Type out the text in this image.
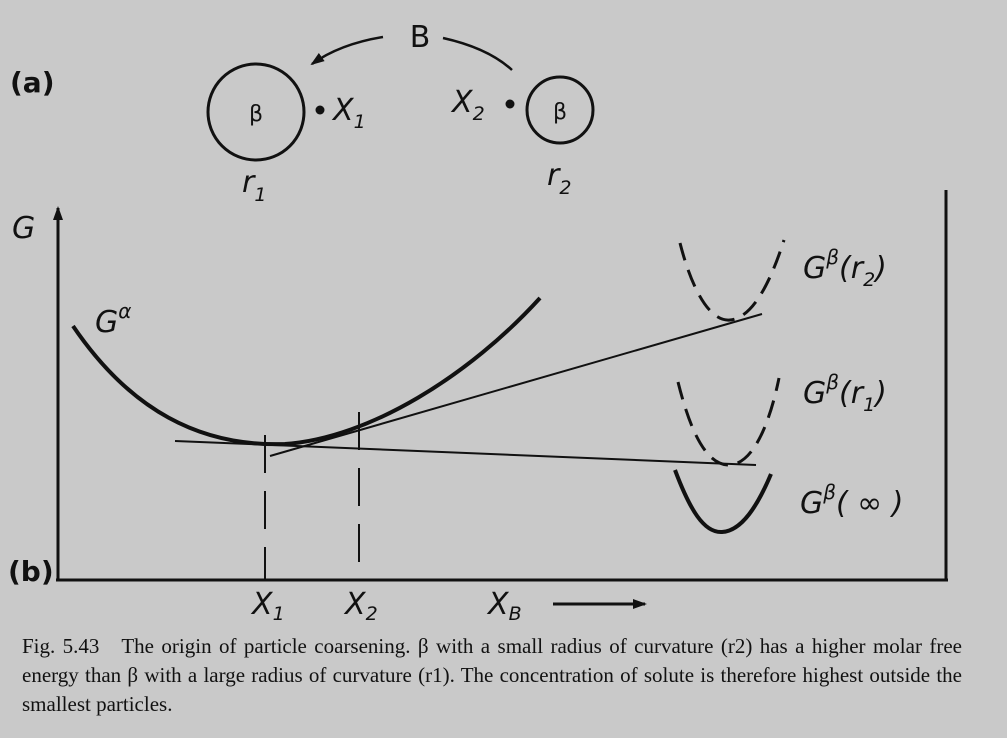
(a)
β	β
$X_1$
$X_2$
$r_1$
$r_2$
B
(b)
G
$X_B$
$G^\alpha$
$X_1$ $X_2$
$G^\beta(r_2)$
$G^\beta(r_1)$
$G^\beta$( ∞ )
Fig. 5.43 The origin of particle coarsening. β with a small radius of curvature (r2) has a higher molar free energy than β with a large radius of curvature (r1). The concentration of solute is therefore highest outside the smallest particles.
